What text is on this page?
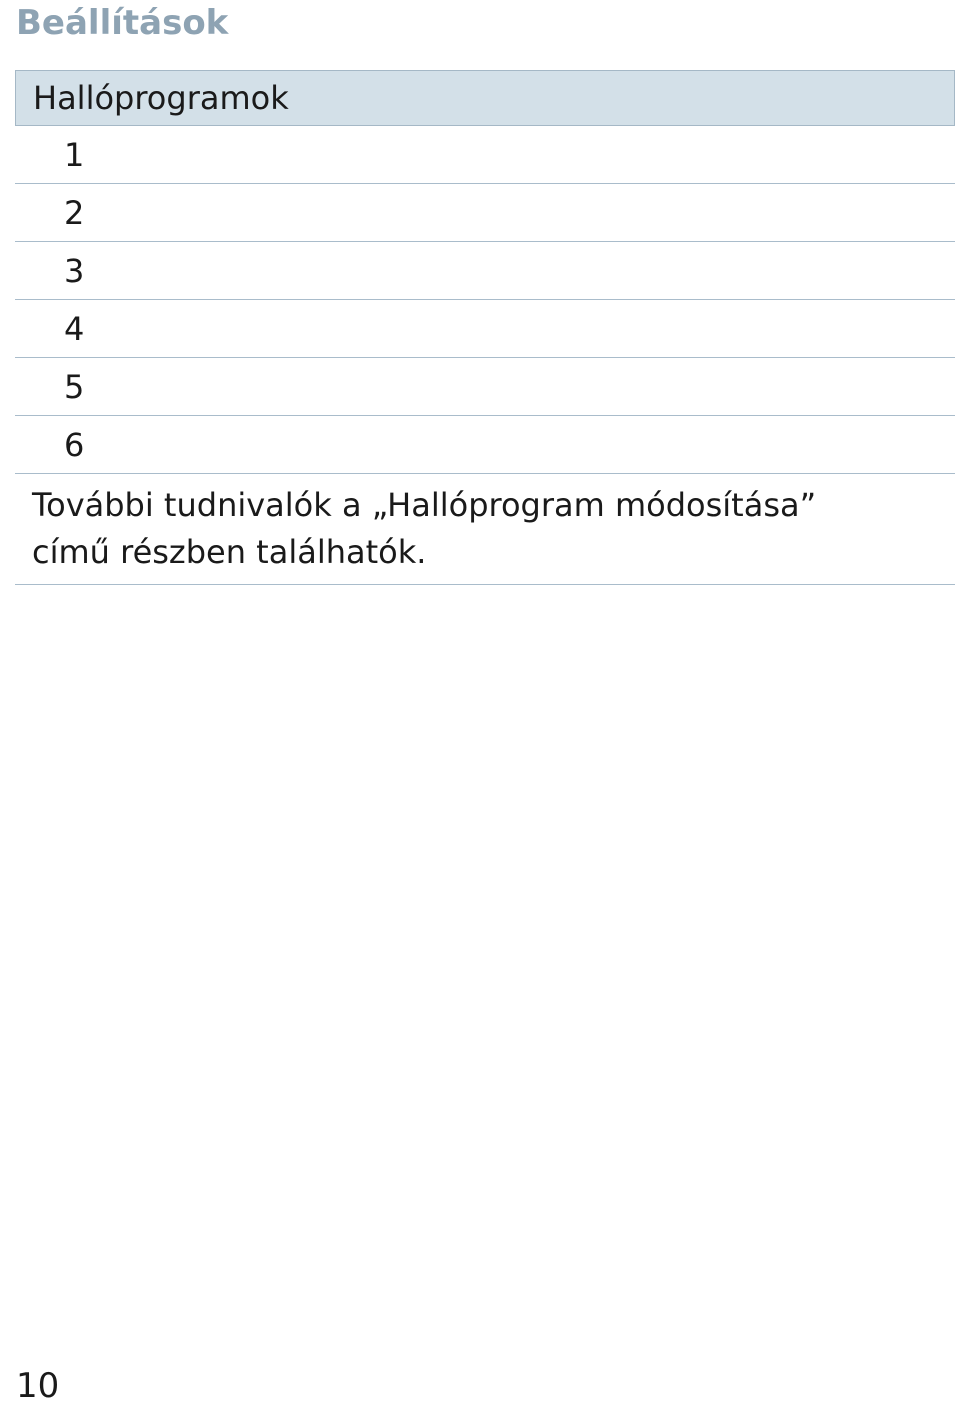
Beállítások
Hallóprogramok
1
2
3
4
5
6
További tudnivalók a „Hallóprogram módosítása” című részben találhatók.
10
